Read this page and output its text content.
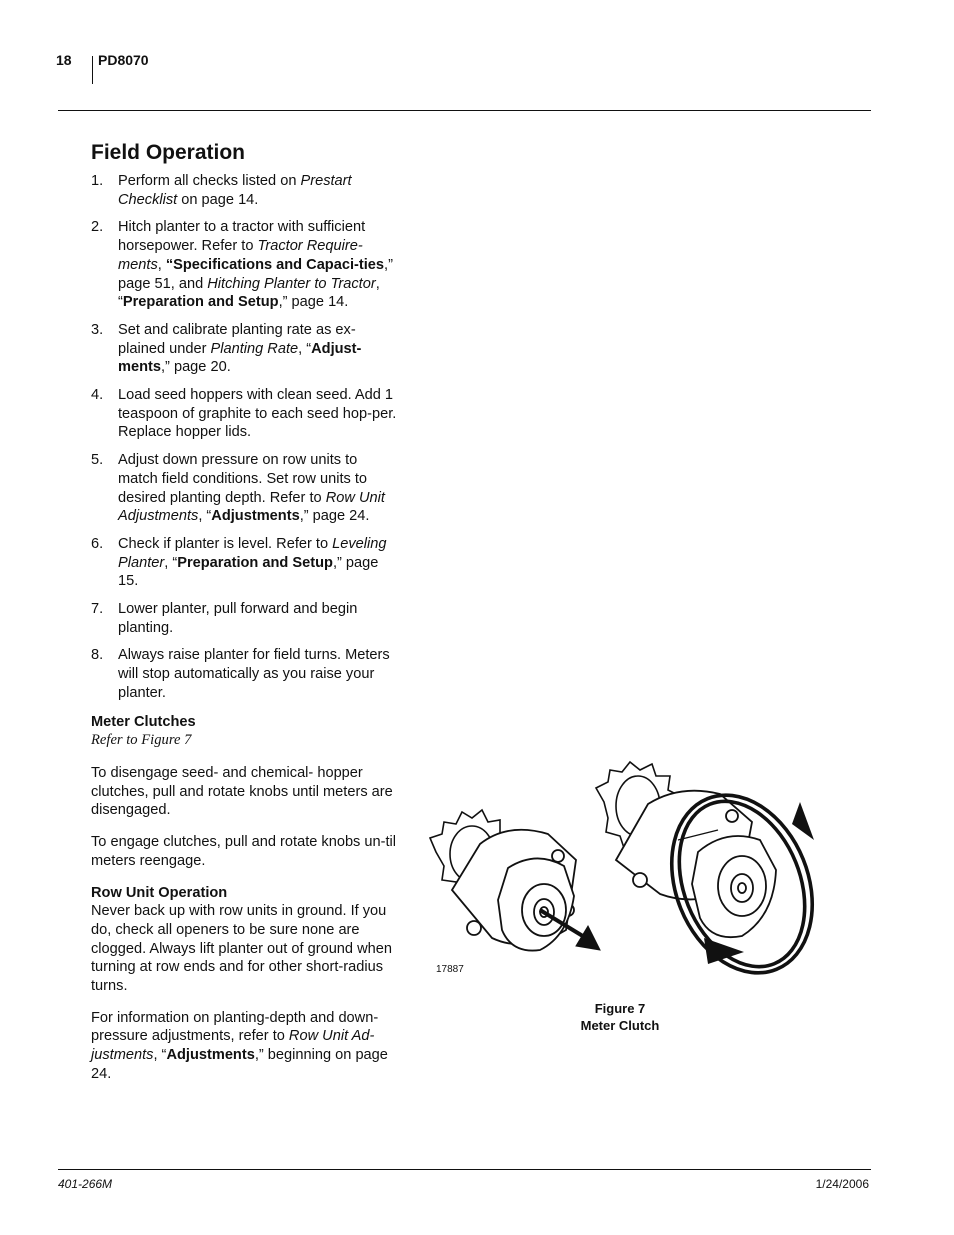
18 PD8070
Field Operation
1. Perform all checks listed on Prestart Checklist on page 14.
2. Hitch planter to a tractor with sufficient horsepower. Refer to Tractor Require-ments, “Specifications and Capaci-ties,” page 51, and Hitching Planter to Tractor, “Preparation and Setup,” page 14.
3. Set and calibrate planting rate as ex-plained under Planting Rate, “Adjust-ments,” page 20.
4. Load seed hoppers with clean seed. Add 1 teaspoon of graphite to each seed hop-per. Replace hopper lids.
5. Adjust down pressure on row units to match field conditions. Set row units to desired planting depth. Refer to Row Unit Adjustments, “Adjustments,” page 24.
6. Check if planter is level. Refer to Leveling Planter, “Preparation and Setup,” page 15.
7. Lower planter, pull forward and begin planting.
8. Always raise planter for field turns. Meters will stop automatically as you raise your planter.
Meter Clutches
Refer to Figure 7

To disengage seed- and chemical- hopper clutches, pull and rotate knobs until meters are disengaged.

To engage clutches, pull and rotate knobs un-til meters reengage.

Row Unit Operation

Never back up with row units in ground. If you do, check all openers to be sure none are clogged. Always lift planter out of ground when turning at row ends and for other short-radius turns.

For information on planting-depth and down-pressure adjustments, refer to Row Unit Ad-justments, “Adjustments,” beginning on page 24.

17887
Figure 7
Meter Clutch
401-266M	1/24/2006
